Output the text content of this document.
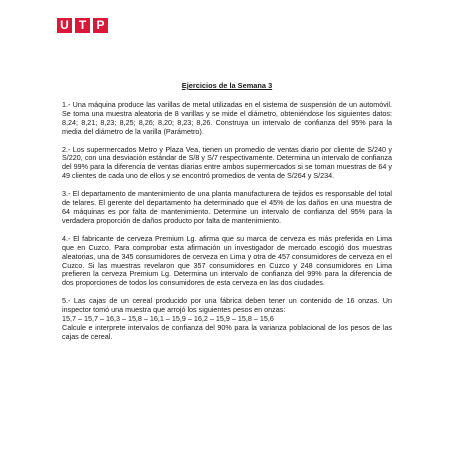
U T P
Ejercicios de la Semana 3

1.- Una máquina produce las varillas de metal utilizadas en el sistema de suspensión de un automóvil. Se toma una muestra aleatoria de 8 varillas y se mide el diámetro, obteniéndose los siguientes datos: 8,24; 8,21; 8,23; 8,25; 8,26; 8,20; 8,23; 8,26. Construya un intervalo de confianza del 95% para la media del diámetro de la varilla (Parámetro).

2.- Los supermercados Metro y Plaza Vea, tienen un promedio de ventas diario por cliente de S/240 y S/220, con una desviación estándar de S/8 y S/7 respectivamente. Determina un intervalo de confianza del 99% para la diferencia de ventas diarias entre ambos supermercados si se toman muestras de 64 y 49 clientes de cada uno de ellos y se encontró promedios de venta de S/264 y S/234.

3.- El departamento de mantenimiento de una planta manufacturera de tejidos es responsable del total de telares. El gerente del departamento ha determinado que el 45% de los daños en una muestra de 64 máquinas es por falta de mantenimiento. Determine un intervalo de confianza del 95% para la verdadera proporción de daños producto por falta de mantenimiento.

4.- El fabricante de cerveza Premium Lg. afirma que su marca de cerveza es más preferida en Lima que en Cuzco. Para comprobar esta afirmación un investigador de mercado escogió dos muestras aleatorias, una de 345 consumidores de cerveza en Lima y otra de 457 consumidores de cerveza en el Cuzco. Si las muestras revelaron que 357 consumidores en Cuzco y 248 consumidores en Lima prefieren la cerveza Premium Lg. Determina un intervalo de confianza del 99% para la diferencia de dos proporciones de todos los consumidores de esta cerveza en las dos ciudades.

5.- Las cajas de un cereal producido por una fábrica deben tener un contenido de 16 onzas. Un inspector tomó una muestra que arrojó los siguientes pesos en onzas:

15,7 – 15,7 – 16,3 – 15,8 – 16,1 – 15,9 – 16,2 – 15,9 – 15,8 – 15,6

Calcule e interprete intervalos de confianza del 90% para la varianza poblacional de los pesos de las cajas de cereal.
